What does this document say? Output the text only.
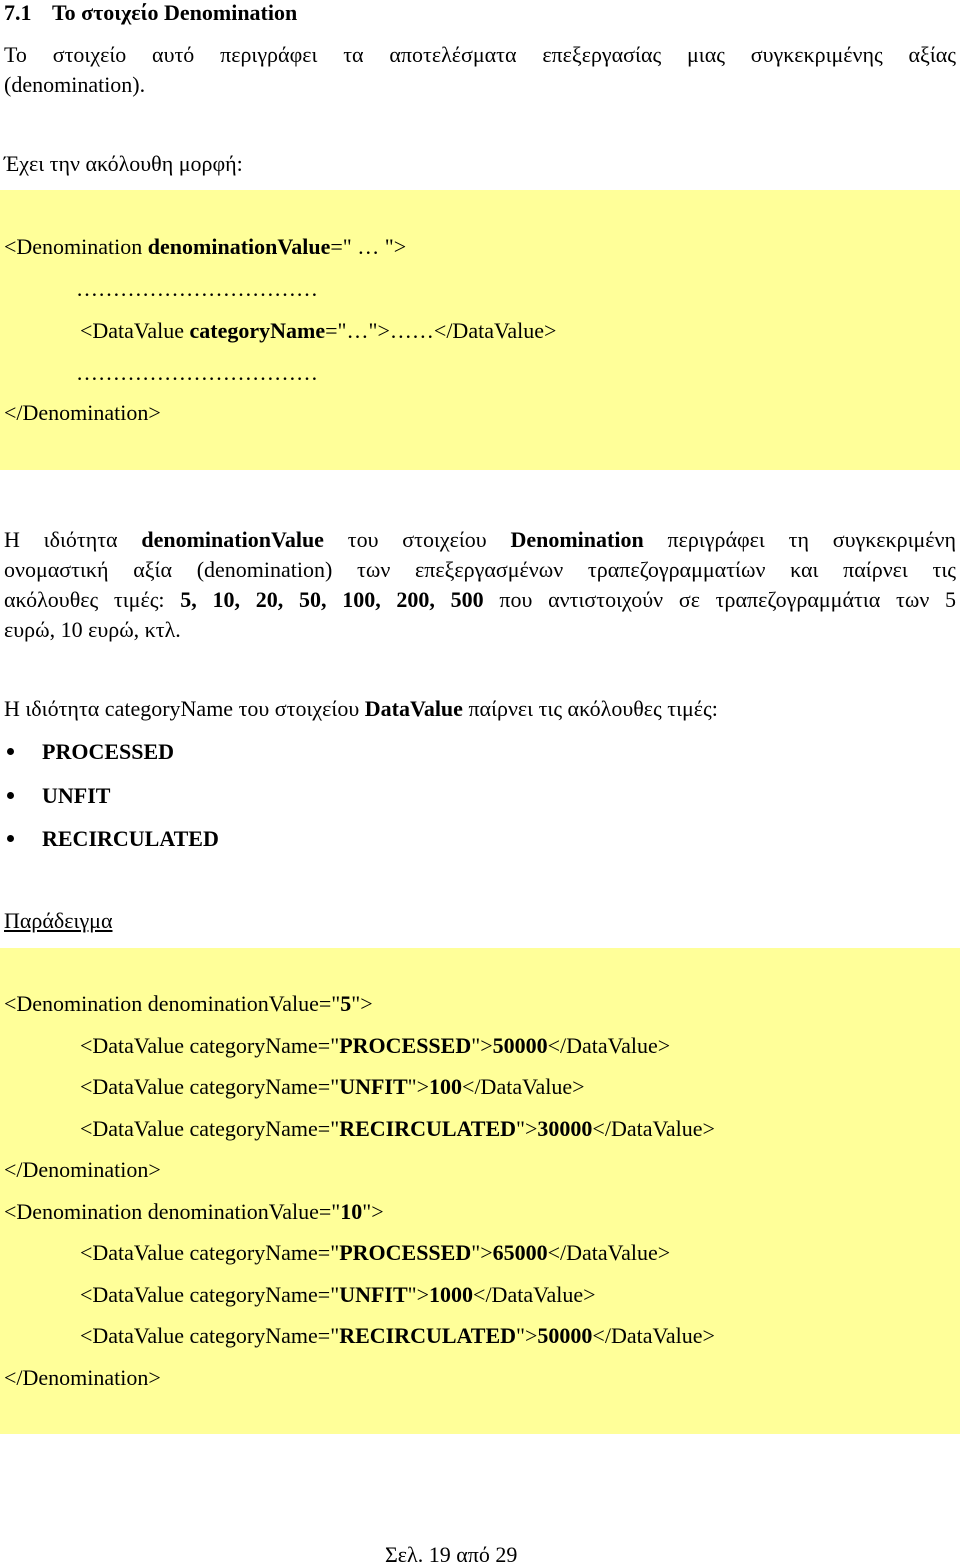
7.1 Το στοιχείο Denomination
Το στοιχείο αυτό περιγράφει τα αποτελέσματα επεξεργασίας μιας συγκεκριμένης αξίας
(denomination).
Έχει την ακόλουθη μορφή:
<Denomination denominationValue=" … ">
……………………………
<DataValue categoryName="…">……</DataValue>
……………………………
</Denomination>
Η ιδιότητα denominationValue του στοιχείου Denomination περιγράφει τη συγκεκριμένη
ονομαστική αξία (denomination) των επεξεργασμένων τραπεζογραμματίων και παίρνει τις
ακόλουθες τιμές: 5, 10, 20, 50, 100, 200, 500 που αντιστοιχούν σε τραπεζογραμμάτια των 5
ευρώ, 10 ευρώ, κτλ.
Η ιδιότητα categoryName του στοιχείου DataValue παίρνει τις ακόλουθες τιμές:
PROCESSED
UNFIT
RECIRCULATED
Παράδειγμα
<Denomination denominationValue="5">
<DataValue categoryName="PROCESSED">50000</DataValue>
<DataValue categoryName="UNFIT">100</DataValue>
<DataValue categoryName="RECIRCULATED">30000</DataValue>
</Denomination>
<Denomination denominationValue="10">
<DataValue categoryName="PROCESSED">65000</DataValue>
<DataValue categoryName="UNFIT">1000</DataValue>
<DataValue categoryName="RECIRCULATED">50000</DataValue>
</Denomination>
Σελ. 19 από 29
